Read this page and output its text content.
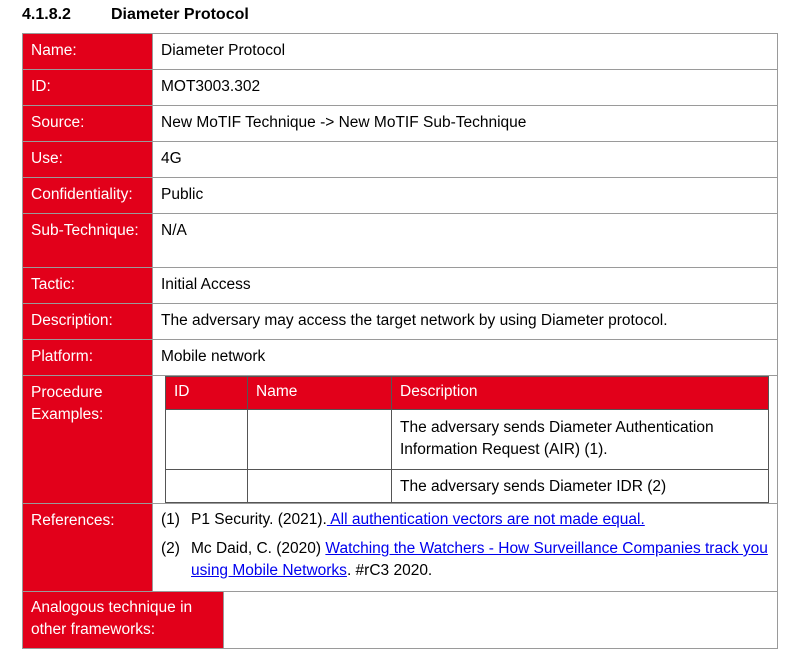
4.1.8.2	Diameter Protocol
Name:	Diameter Protocol
ID:	MOT3003.302
Source:	New MoTIF Technique -> New MoTIF Sub-Technique
Use:	4G
Confidentiality:	Public
Sub-Technique:	N/A
Tactic:	Initial Access
Description:	The adversary may access the target network by using Diameter protocol.
Platform:	Mobile network
Procedure Examples:	
ID	Name	Description
		The adversary sends Diameter Authentication Information Request (AIR) (1).
		The adversary sends Diameter IDR (2)

References:	(1) P1 Security. (2021). All authentication vectors are not made equal.
(2) Mc Daid, C. (2020) Watching the Watchers - How Surveillance Companies track you using Mobile Networks. #rC3 2020.

Analogous technique in other frameworks:
